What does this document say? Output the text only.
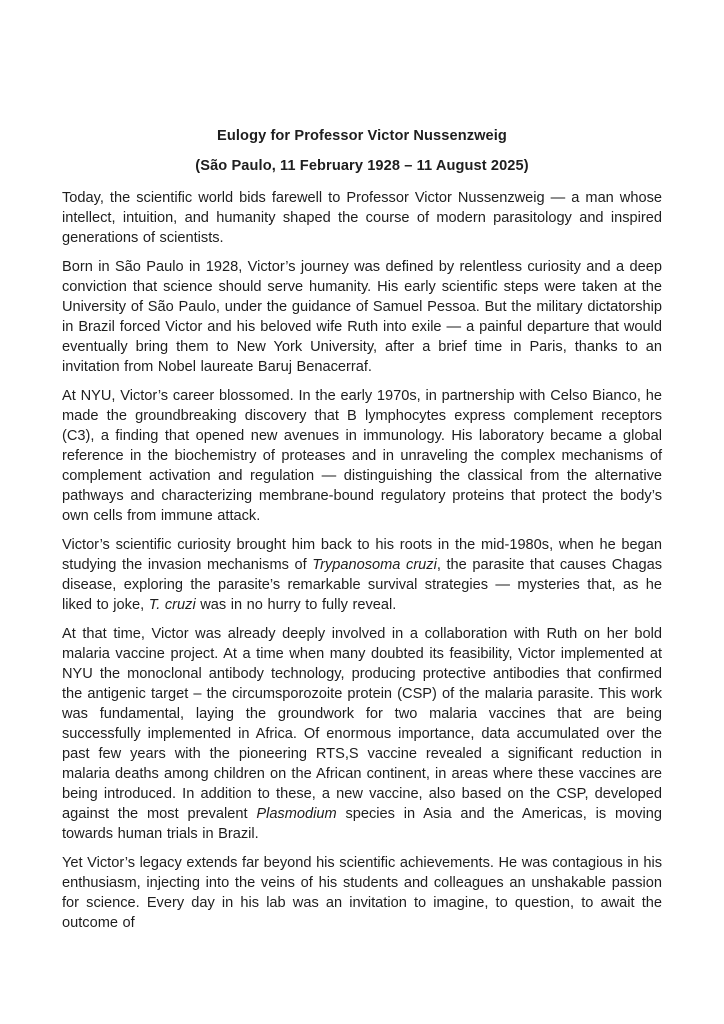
Eulogy for Professor Victor Nussenzweig

(São Paulo, 11 February 1928 – 11 August 2025)

Today, the scientific world bids farewell to Professor Victor Nussenzweig — a man whose intellect, intuition, and humanity shaped the course of modern parasitology and inspired generations of scientists.

Born in São Paulo in 1928, Victor’s journey was defined by relentless curiosity and a deep conviction that science should serve humanity. His early scientific steps were taken at the University of São Paulo, under the guidance of Samuel Pessoa. But the military dictatorship in Brazil forced Victor and his beloved wife Ruth into exile — a painful departure that would eventually bring them to New York University, after a brief time in Paris, thanks to an invitation from Nobel laureate Baruj Benacerraf.

At NYU, Victor’s career blossomed. In the early 1970s, in partnership with Celso Bianco, he made the groundbreaking discovery that B lymphocytes express complement receptors (C3), a finding that opened new avenues in immunology. His laboratory became a global reference in the biochemistry of proteases and in unraveling the complex mechanisms of complement activation and regulation — distinguishing the classical from the alternative pathways and characterizing membrane-bound regulatory proteins that protect the body’s own cells from immune attack.

Victor’s scientific curiosity brought him back to his roots in the mid-1980s, when he began studying the invasion mechanisms of Trypanosoma cruzi, the parasite that causes Chagas disease, exploring the parasite’s remarkable survival strategies — mysteries that, as he liked to joke, T. cruzi was in no hurry to fully reveal.

At that time, Victor was already deeply involved in a collaboration with Ruth on her bold malaria vaccine project. At a time when many doubted its feasibility, Victor implemented at NYU the monoclonal antibody technology, producing protective antibodies that confirmed the antigenic target – the circumsporozoite protein (CSP) of the malaria parasite. This work was fundamental, laying the groundwork for two malaria vaccines that are being successfully implemented in Africa. Of enormous importance, data accumulated over the past few years with the pioneering RTS,S vaccine revealed a significant reduction in malaria deaths among children on the African continent, in areas where these vaccines are being introduced. In addition to these, a new vaccine, also based on the CSP, developed against the most prevalent Plasmodium species in Asia and the Americas, is moving towards human trials in Brazil.

Yet Victor’s legacy extends far beyond his scientific achievements. He was contagious in his enthusiasm, injecting into the veins of his students and colleagues an unshakable passion for science. Every day in his lab was an invitation to imagine, to question, to await the outcome of
